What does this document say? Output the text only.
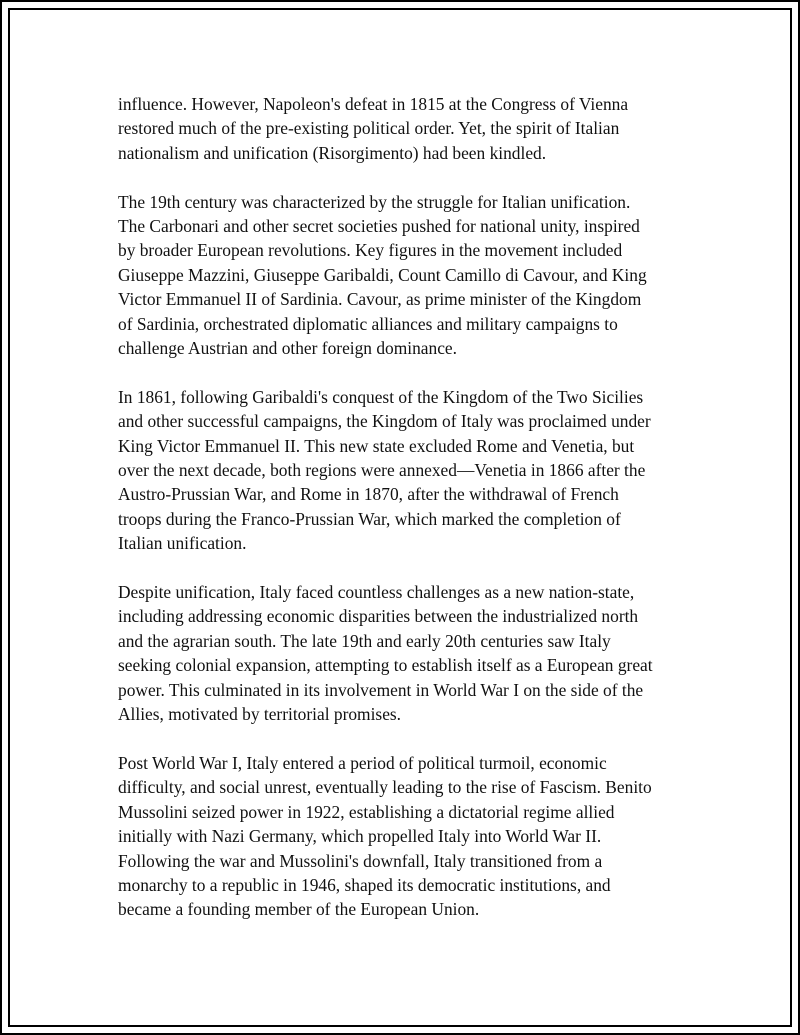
influence. However, Napoleon's defeat in 1815 at the Congress of Vienna
restored much of the pre-existing political order. Yet, the spirit of Italian
nationalism and unification (Risorgimento) had been kindled.

The 19th century was characterized by the struggle for Italian unification.
The Carbonari and other secret societies pushed for national unity, inspired
by broader European revolutions. Key figures in the movement included
Giuseppe Mazzini, Giuseppe Garibaldi, Count Camillo di Cavour, and King
Victor Emmanuel II of Sardinia. Cavour, as prime minister of the Kingdom
of Sardinia, orchestrated diplomatic alliances and military campaigns to
challenge Austrian and other foreign dominance.

In 1861, following Garibaldi's conquest of the Kingdom of the Two Sicilies
and other successful campaigns, the Kingdom of Italy was proclaimed under
King Victor Emmanuel II. This new state excluded Rome and Venetia, but
over the next decade, both regions were annexed—Venetia in 1866 after the
Austro-Prussian War, and Rome in 1870, after the withdrawal of French
troops during the Franco-Prussian War, which marked the completion of
Italian unification.

Despite unification, Italy faced countless challenges as a new nation-state,
including addressing economic disparities between the industrialized north
and the agrarian south. The late 19th and early 20th centuries saw Italy
seeking colonial expansion, attempting to establish itself as a European great
power. This culminated in its involvement in World War I on the side of the
Allies, motivated by territorial promises.

Post World War I, Italy entered a period of political turmoil, economic
difficulty, and social unrest, eventually leading to the rise of Fascism. Benito
Mussolini seized power in 1922, establishing a dictatorial regime allied
initially with Nazi Germany, which propelled Italy into World War II.
Following the war and Mussolini's downfall, Italy transitioned from a
monarchy to a republic in 1946, shaped its democratic institutions, and
became a founding member of the European Union.
